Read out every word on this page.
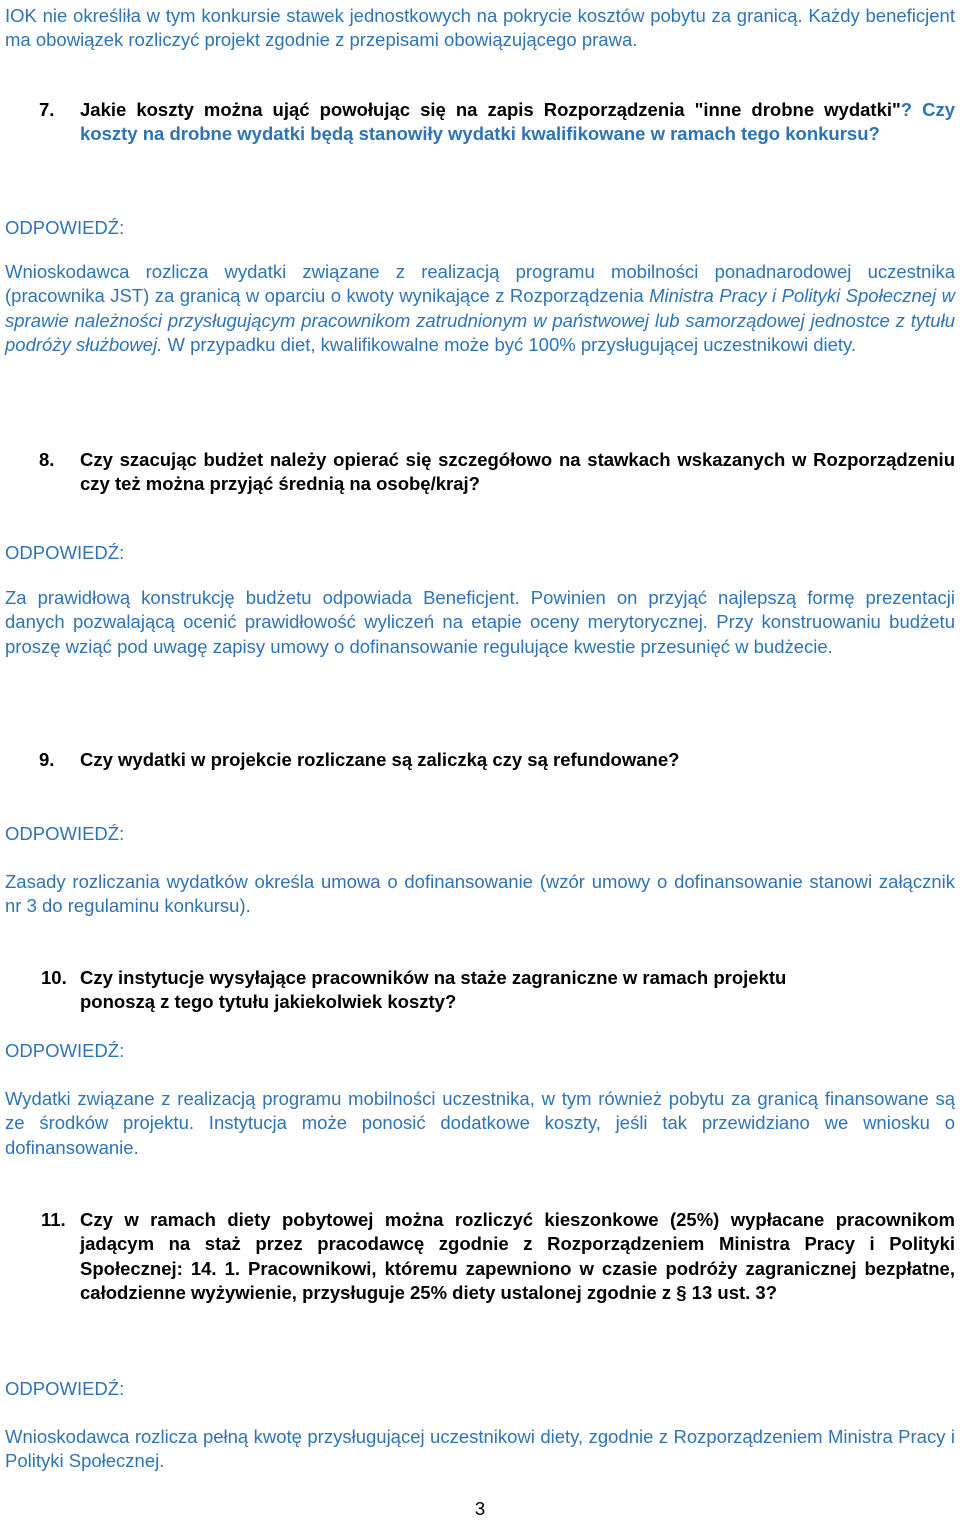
IOK nie określiła w tym konkursie stawek jednostkowych na pokrycie kosztów pobytu za granicą. Każdy beneficjent ma obowiązek rozliczyć projekt zgodnie z przepisami obowiązującego prawa.

7. Jakie koszty można ująć powołując się na zapis Rozporządzenia "inne drobne wydatki"? Czy koszty na drobne wydatki będą stanowiły wydatki kwalifikowane w ramach tego konkursu?
ODPOWIEDŹ:

Wnioskodawca rozlicza wydatki związane z realizacją programu mobilności ponadnarodowej uczestnika (pracownika JST) za granicą w oparciu o kwoty wynikające z Rozporządzenia Ministra Pracy i Polityki Społecznej w sprawie należności przysługującym pracownikom zatrudnionym w państwowej lub samorządowej jednostce z tytułu podróży służbowej. W przypadku diet, kwalifikowalne może być 100% przysługującej uczestnikowi diety.

8. Czy szacując budżet należy opierać się szczegółowo na stawkach wskazanych w Rozporządzeniu czy też można przyjąć średnią na osobę/kraj?
ODPOWIEDŹ:

Za prawidłową konstrukcję budżetu odpowiada Beneficjent. Powinien on przyjąć najlepszą formę prezentacji danych pozwalającą ocenić prawidłowość wyliczeń na etapie oceny merytorycznej. Przy konstruowaniu budżetu proszę wziąć pod uwagę zapisy umowy o dofinansowanie regulujące kwestie przesunięć w budżecie.

9. Czy wydatki w projekcie rozliczane są zaliczką czy są refundowane?
ODPOWIEDŹ:

Zasady rozliczania wydatków określa umowa o dofinansowanie (wzór umowy o dofinansowanie stanowi załącznik nr 3 do regulaminu konkursu).

10. Czy instytucje wysyłające pracowników na staże zagraniczne w ramach projektu
ponoszą z tego tytułu jakiekolwiek koszty?
ODPOWIEDŹ:

Wydatki związane z realizacją programu mobilności uczestnika, w tym również pobytu za granicą finansowane są ze środków projektu. Instytucja może ponosić dodatkowe koszty, jeśli tak przewidziano we wniosku o dofinansowanie.

11. Czy w ramach diety pobytowej można rozliczyć kieszonkowe (25%) wypłacane pracownikom jadącym na staż przez pracodawcę zgodnie z Rozporządzeniem Ministra Pracy i Polityki Społecznej: 14. 1. Pracownikowi, któremu zapewniono w czasie podróży zagranicznej bezpłatne, całodzienne wyżywienie, przysługuje 25% diety ustalonej zgodnie z § 13 ust. 3?
ODPOWIEDŹ:

Wnioskodawca rozlicza pełną kwotę przysługującej uczestnikowi diety, zgodnie z Rozporządzeniem Ministra Pracy i Polityki Społecznej.

3
